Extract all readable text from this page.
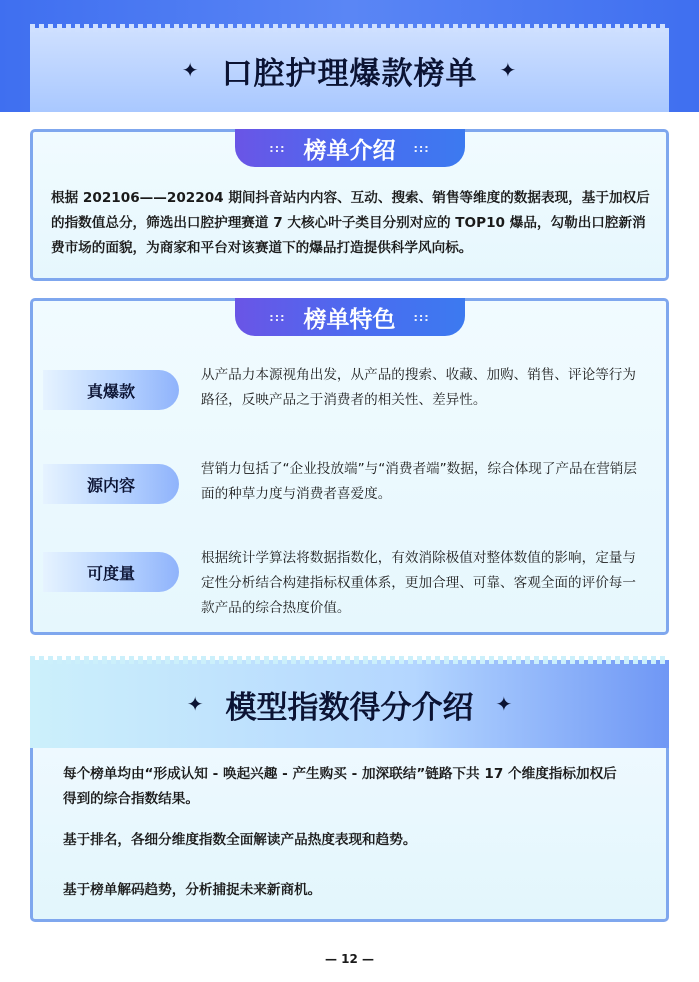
✦ 口腔护理爆款榜单 ✦
::: 榜单介绍 :::

根据 202106——202204 期间抖音站内内容、互动、搜索、销售等维度的数据表现，基于加权后的指数值总分，筛选出口腔护理赛道 7 大核心叶子类目分别对应的 TOP10 爆品，勾勒出口腔新消费市场的面貌，为商家和平台对该赛道下的爆品打造提供科学风向标。

::: 榜单特色 :::
真爆款

从产品力本源视角出发，从产品的搜索、收藏、加购、销售、评论等行为路径，反映产品之于消费者的相关性、差异性。

源内容

营销力包括了“企业投放端”与“消费者端”数据，综合体现了产品在营销层面的种草力度与消费者喜爱度。

可度量

根据统计学算法将数据指数化，有效消除极值对整体数值的影响，定量与定性分析结合构建指标权重体系，更加合理、可靠、客观全面的评价每一款产品的综合热度价值。

✦ 模型指数得分介绍 ✦

每个榜单均由“形成认知 - 唤起兴趣 - 产生购买 - 加深联结”链路下共 17 个维度指标加权后得到的综合指数结果。

基于排名，各细分维度指数全面解读产品热度表现和趋势。

基于榜单解码趋势，分析捕捉未来新商机。

— 12 —
